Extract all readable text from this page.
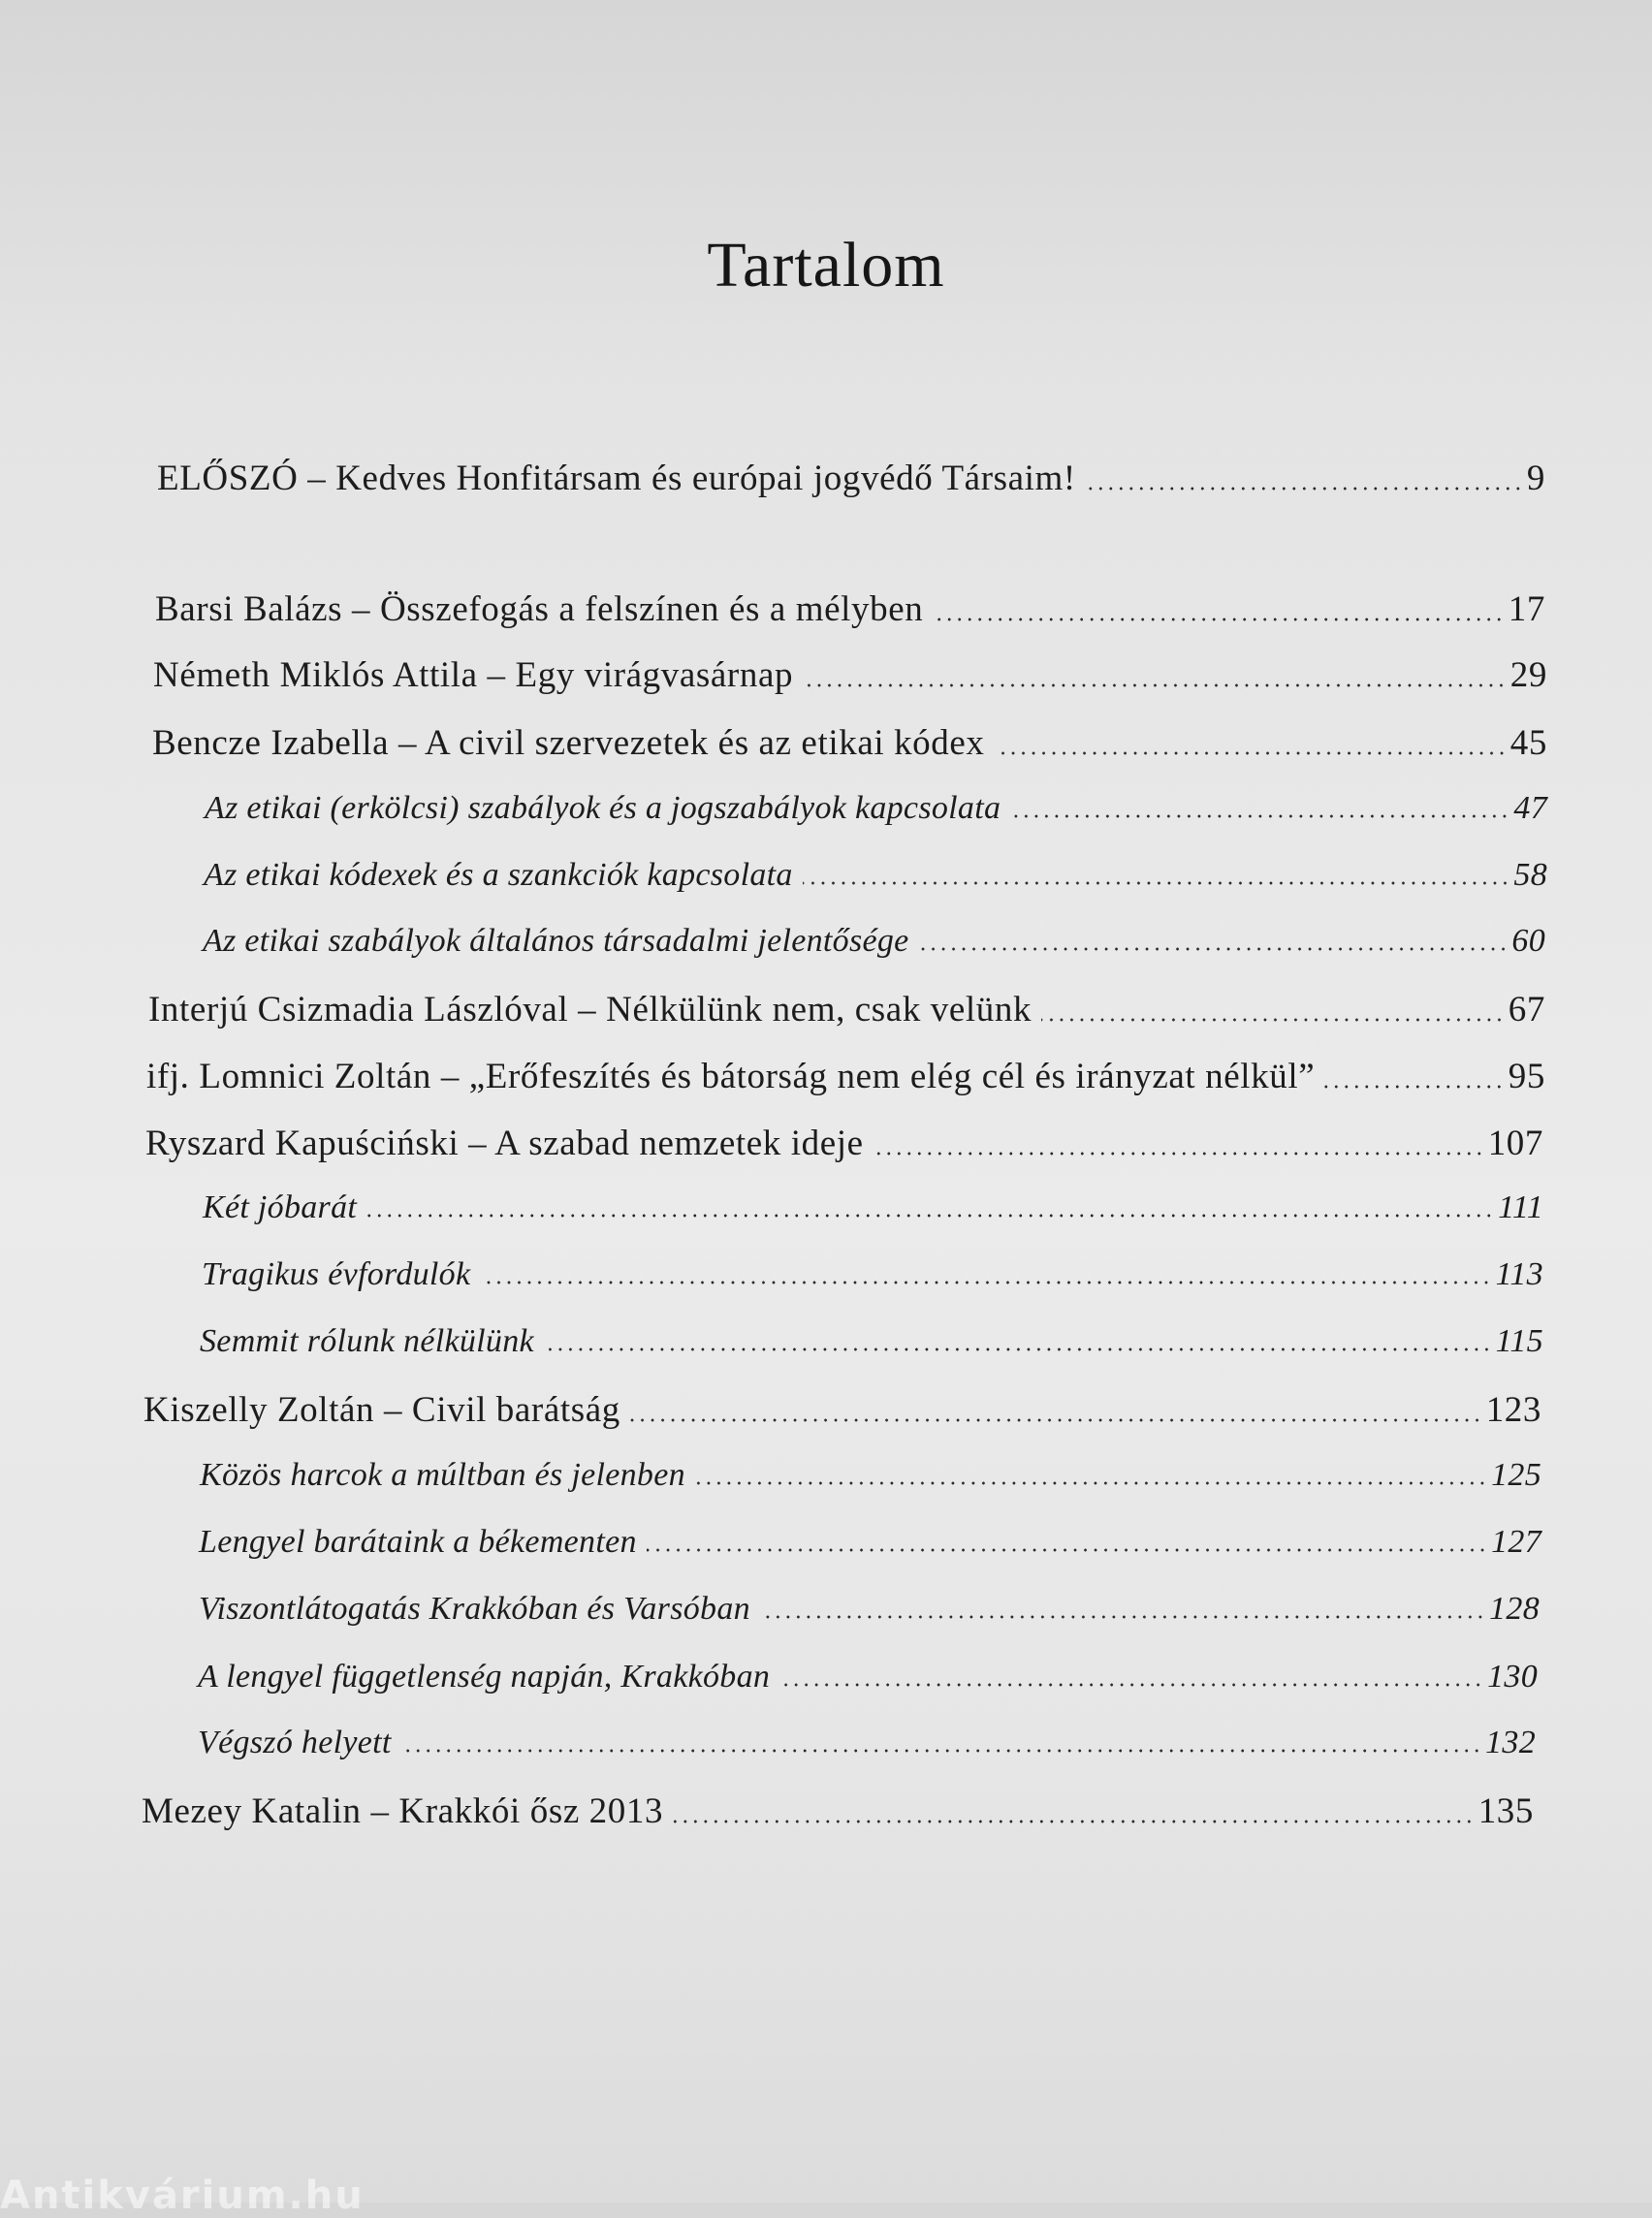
Tartalom
ELŐSZÓ – Kedves Honfitársam és európai jogvédő Társaim!	9
Barsi Balázs – Összefogás a felszínen és a mélyben	17
Németh Miklós Attila – Egy virágvasárnap	29
Bencze Izabella – A civil szervezetek és az etikai kódex	45
Az etikai (erkölcsi) szabályok és a jogszabályok kapcsolata	47
Az etikai kódexek és a szankciók kapcsolata	58
Az etikai szabályok általános társadalmi jelentősége	60
Interjú Csizmadia Lászlóval – Nélkülünk nem, csak velünk	67
ifj. Lomnici Zoltán – „Erőfeszítés és bátorság nem elég cél és irányzat nélkül”	95
Ryszard Kapuściński – A szabad nemzetek ideje	107
Két jóbarát	111
Tragikus évfordulók	113
Semmit rólunk nélkülünk	115
Kiszelly Zoltán – Civil barátság	123
Közös harcok a múltban és jelenben	125
Lengyel barátaink a békementen	127
Viszontlátogatás Krakkóban és Varsóban	128
A lengyel függetlenség napján, Krakkóban	130
Végszó helyett	132
Mezey Katalin – Krakkói ősz 2013	135
Antikvárium.hu
